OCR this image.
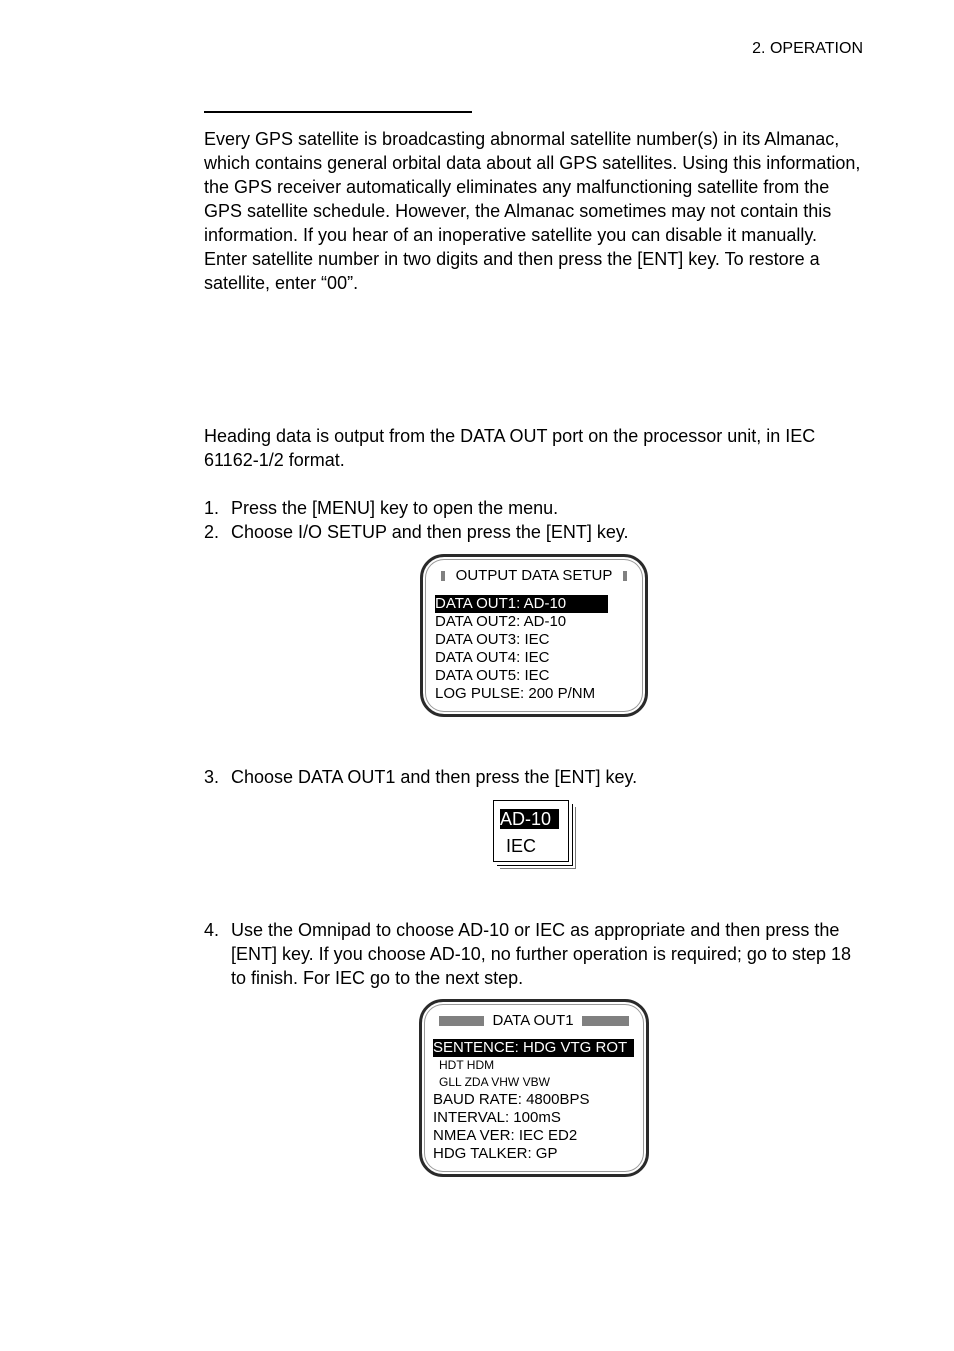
2. OPERATION

Every GPS satellite is broadcasting abnormal satellite number(s) in its Almanac, which contains general orbital data about all GPS satellites. Using this information, the GPS receiver automatically eliminates any malfunctioning satellite from the GPS satellite schedule. However, the Almanac sometimes may not contain this information. If you hear of an inoperative satellite you can disable it manually. Enter satellite number in two digits and then press the [ENT] key. To restore a satellite, enter “00”.

Heading data is output from the DATA OUT port on the processor unit, in IEC 61162-1/2 format.

1. Press the [MENU] key to open the menu.
2. Choose I/O SETUP and then press the [ENT] key.
OUTPUT DATA SETUP
DATA OUT1: AD-10
DATA OUT2: AD-10
DATA OUT3: IEC
DATA OUT4: IEC
DATA OUT5: IEC
LOG PULSE: 200 P/NM
3. Choose DATA OUT1 and then press the [ENT] key.
AD-10
IEC
4. Use the Omnipad to choose AD-10 or IEC as appropriate and then press the [ENT] key. If you choose AD-10, no further operation is required; go to step 18 to finish. For IEC go to the next step.
DATA OUT1
SENTENCE: HDG VTG ROT
HDT HDM
GLL ZDA VHW VBW
BAUD RATE: 4800BPS
INTERVAL: 100mS
NMEA VER: IEC ED2
HDG TALKER: GP
